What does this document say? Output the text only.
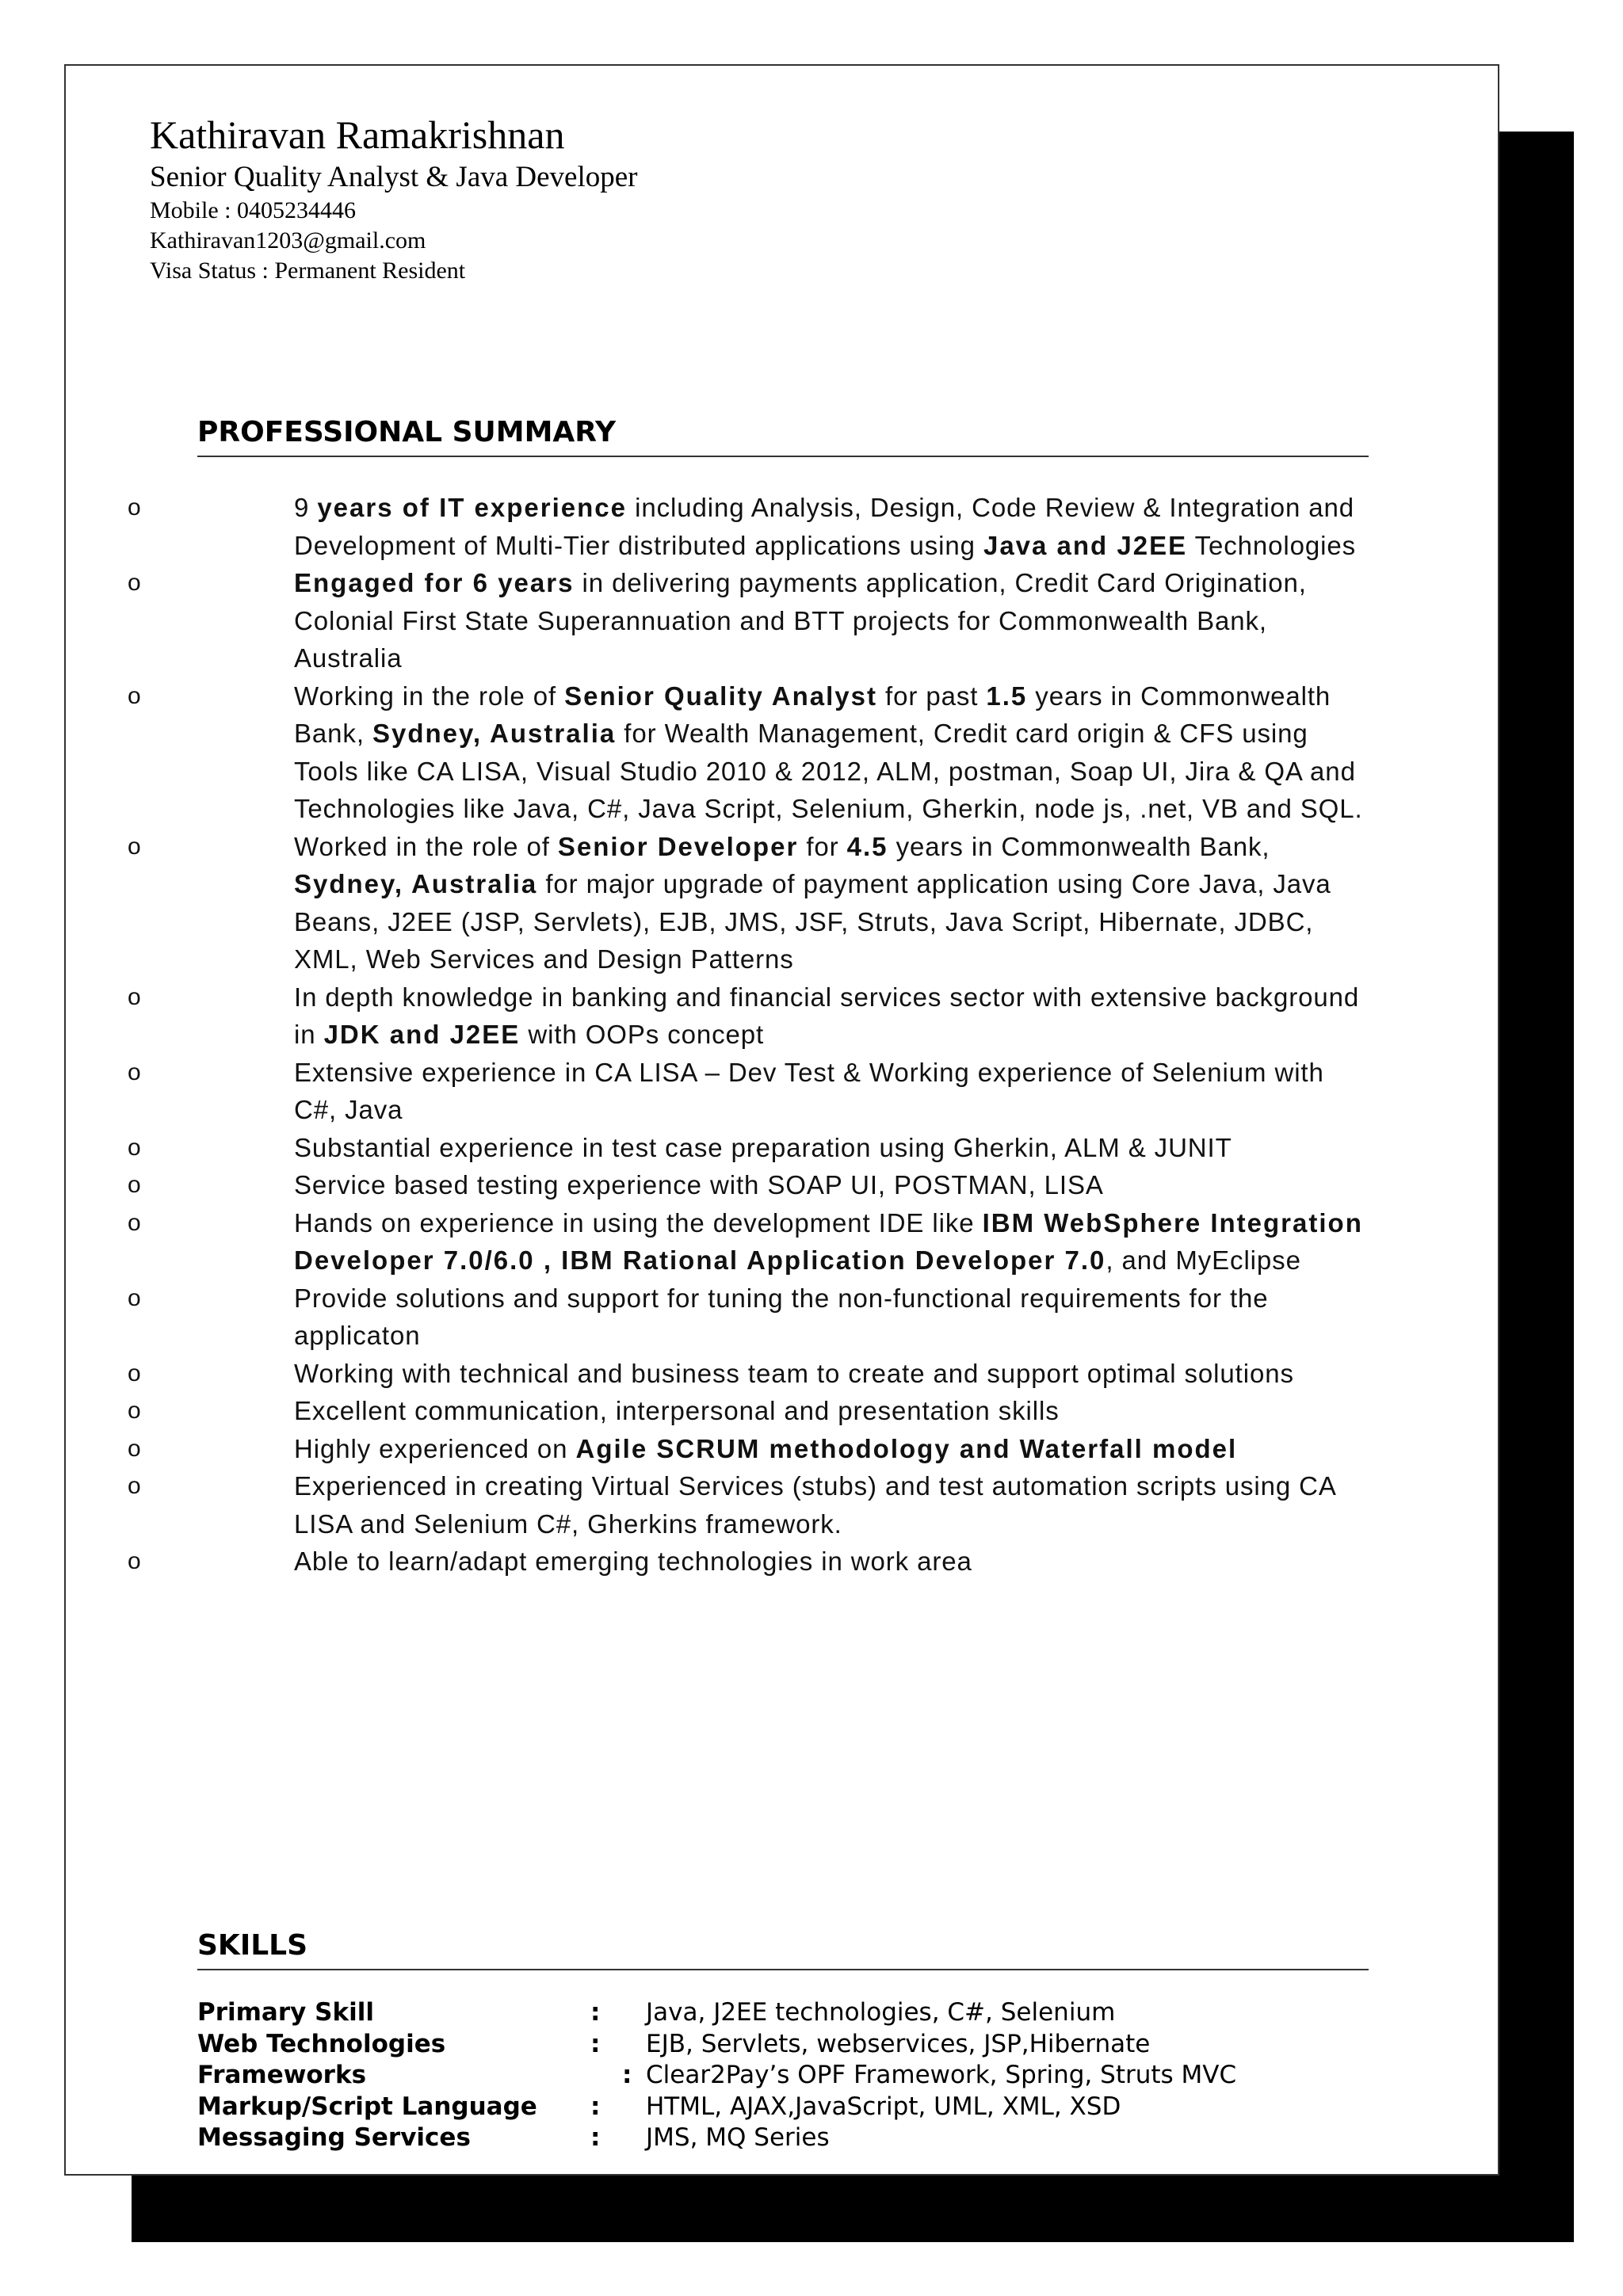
Kathiravan Ramakrishnan
Senior Quality Analyst & Java Developer
Mobile : 0405234446
Kathiravan1203@gmail.com
Visa Status : Permanent Resident
PROFESSIONAL SUMMARY
o	9 years of IT experience including Analysis, Design, Code Review & Integration and Development of Multi-Tier distributed applications using Java and J2EE Technologies
o	Engaged for 6 years in delivering payments application, Credit Card Origination, Colonial First State Superannuation and BTT projects for Commonwealth Bank, Australia
o	Working in the role of Senior Quality Analyst for past 1.5 years in Commonwealth Bank, Sydney, Australia for Wealth Management, Credit card origin & CFS using Tools like CA LISA, Visual Studio 2010 & 2012, ALM, postman, Soap UI, Jira & QA and Technologies like Java, C#, Java Script, Selenium, Gherkin, node js, .net, VB and SQL.
o	Worked in the role of Senior Developer for 4.5 years in Commonwealth Bank, Sydney, Australia for major upgrade of payment application using Core Java, Java Beans, J2EE (JSP, Servlets), EJB, JMS, JSF, Struts, Java Script, Hibernate, JDBC, XML, Web Services and Design Patterns
o	In depth knowledge in banking and financial services sector with extensive background in JDK and J2EE with OOPs concept
o	Extensive experience in CA LISA – Dev Test & Working experience of Selenium with C#, Java
o	Substantial experience in test case preparation using Gherkin, ALM & JUNIT
o	Service based testing experience with SOAP UI, POSTMAN, LISA
o	Hands on experience in using the development IDE like IBM WebSphere Integration Developer 7.0/6.0 , IBM Rational Application Developer 7.0, and MyEclipse
o	Provide solutions and support for tuning the non-functional requirements for the applicaton
o	Working with technical and business team to create and support optimal solutions
o	Excellent communication, interpersonal and presentation skills
o	Highly experienced on Agile SCRUM methodology and Waterfall model
o	Experienced in creating Virtual Services (stubs) and test automation scripts using CA LISA and Selenium C#, Gherkins framework.
o	Able to learn/adapt emerging technologies in work area
SKILLS
Primary Skill	:	Java, J2EE technologies, C#, Selenium
Web Technologies	:	EJB, Servlets, webservices, JSP,Hibernate
Frameworks	:	Clear2Pay’s OPF Framework, Spring, Struts MVC
Markup/Script Language	:	HTML, AJAX,JavaScript, UML, XML, XSD
Messaging Services	:	JMS, MQ Series
